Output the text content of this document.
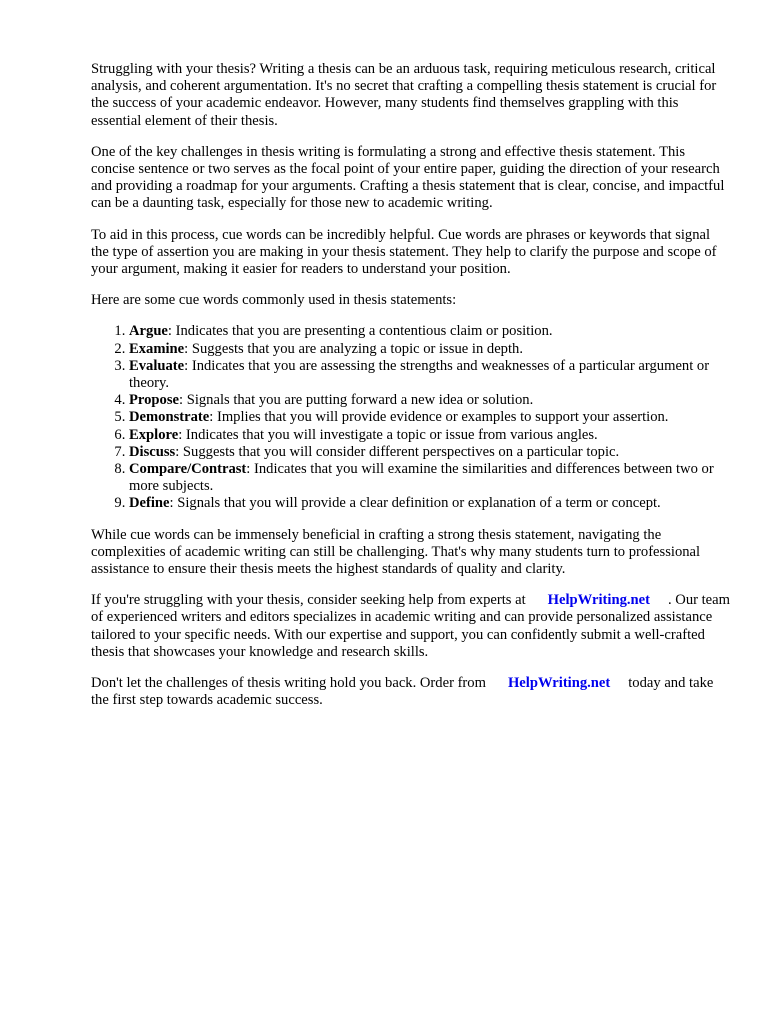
Struggling with your thesis? Writing a thesis can be an arduous task, requiring meticulous research, critical analysis, and coherent argumentation. It's no secret that crafting a compelling thesis statement is crucial for the success of your academic endeavor. However, many students find themselves grappling with this essential element of their thesis.

One of the key challenges in thesis writing is formulating a strong and effective thesis statement. This concise sentence or two serves as the focal point of your entire paper, guiding the direction of your research and providing a roadmap for your arguments. Crafting a thesis statement that is clear, concise, and impactful can be a daunting task, especially for those new to academic writing.

To aid in this process, cue words can be incredibly helpful. Cue words are phrases or keywords that signal the type of assertion you are making in your thesis statement. They help to clarify the purpose and scope of your argument, making it easier for readers to understand your position.

Here are some cue words commonly used in thesis statements:

1. Argue: Indicates that you are presenting a contentious claim or position.
2. Examine: Suggests that you are analyzing a topic or issue in depth.
3. Evaluate: Indicates that you are assessing the strengths and weaknesses of a particular argument or theory.
4. Propose: Signals that you are putting forward a new idea or solution.
5. Demonstrate: Implies that you will provide evidence or examples to support your assertion.
6. Explore: Indicates that you will investigate a topic or issue from various angles.
7. Discuss: Suggests that you will consider different perspectives on a particular topic.
8. Compare/Contrast: Indicates that you will examine the similarities and differences between two or more subjects.
9. Define: Signals that you will provide a clear definition or explanation of a term or concept.

While cue words can be immensely beneficial in crafting a strong thesis statement, navigating the complexities of academic writing can still be challenging. That's why many students turn to professional assistance to ensure their thesis meets the highest standards of quality and clarity.

If you're struggling with your thesis, consider seeking help from experts at HelpWriting.net . Our team of experienced writers and editors specializes in academic writing and can provide personalized assistance tailored to your specific needs. With our expertise and support, you can confidently submit a well-crafted thesis that showcases your knowledge and research skills.

Don't let the challenges of thesis writing hold you back. Order from HelpWriting.net today and take the first step towards academic success.
